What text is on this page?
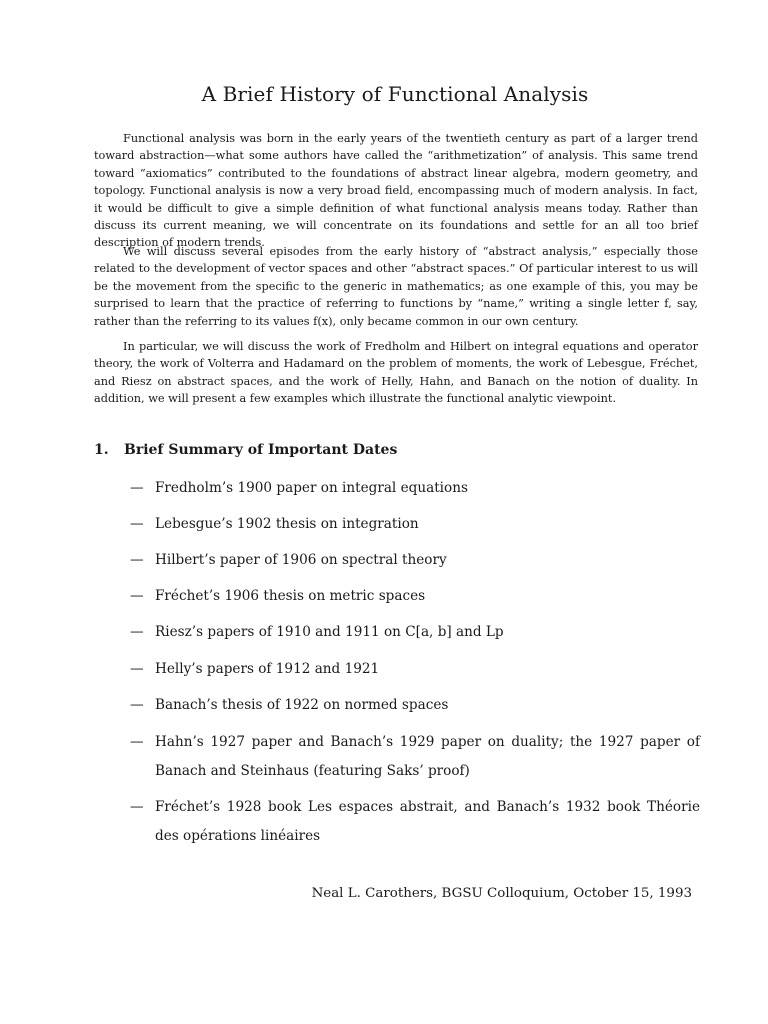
A Brief History of Functional Analysis

Functional analysis was born in the early years of the twentieth century as part of a larger trend toward abstraction—what some authors have called the “arithmetization” of analysis. This same trend toward “axiomatics” contributed to the foundations of abstract linear algebra, modern geometry, and topology. Functional analysis is now a very broad field, encompassing much of modern analysis. In fact, it would be difficult to give a simple definition of what functional analysis means today. Rather than discuss its current meaning, we will concentrate on its foundations and settle for an all too brief description of modern trends.

We will discuss several episodes from the early history of “abstract analysis,” especially those related to the development of vector spaces and other “abstract spaces.” Of particular interest to us will be the movement from the specific to the generic in mathematics; as one example of this, you may be surprised to learn that the practice of referring to functions by “name,” writing a single letter f, say, rather than the referring to its values f(x), only became common in our own century.

In particular, we will discuss the work of Fredholm and Hilbert on integral equations and operator theory, the work of Volterra and Hadamard on the problem of moments, the work of Lebesgue, Fréchet, and Riesz on abstract spaces, and the work of Helly, Hahn, and Banach on the notion of duality. In addition, we will present a few examples which illustrate the functional analytic viewpoint.

1. Brief Summary of Important Dates
— Fredholm’s 1900 paper on integral equations
— Lebesgue’s 1902 thesis on integration
— Hilbert’s paper of 1906 on spectral theory
— Fréchet’s 1906 thesis on metric spaces
— Riesz’s papers of 1910 and 1911 on C[a, b] and Lp
— Helly’s papers of 1912 and 1921
— Banach’s thesis of 1922 on normed spaces
— Hahn’s 1927 paper and Banach’s 1929 paper on duality; the 1927 paper of Banach and Steinhaus (featuring Saks’ proof)
— Fréchet’s 1928 book Les espaces abstrait, and Banach’s 1932 book Théorie des opérations linéaires
Neal L. Carothers, BGSU Colloquium, October 15, 1993
